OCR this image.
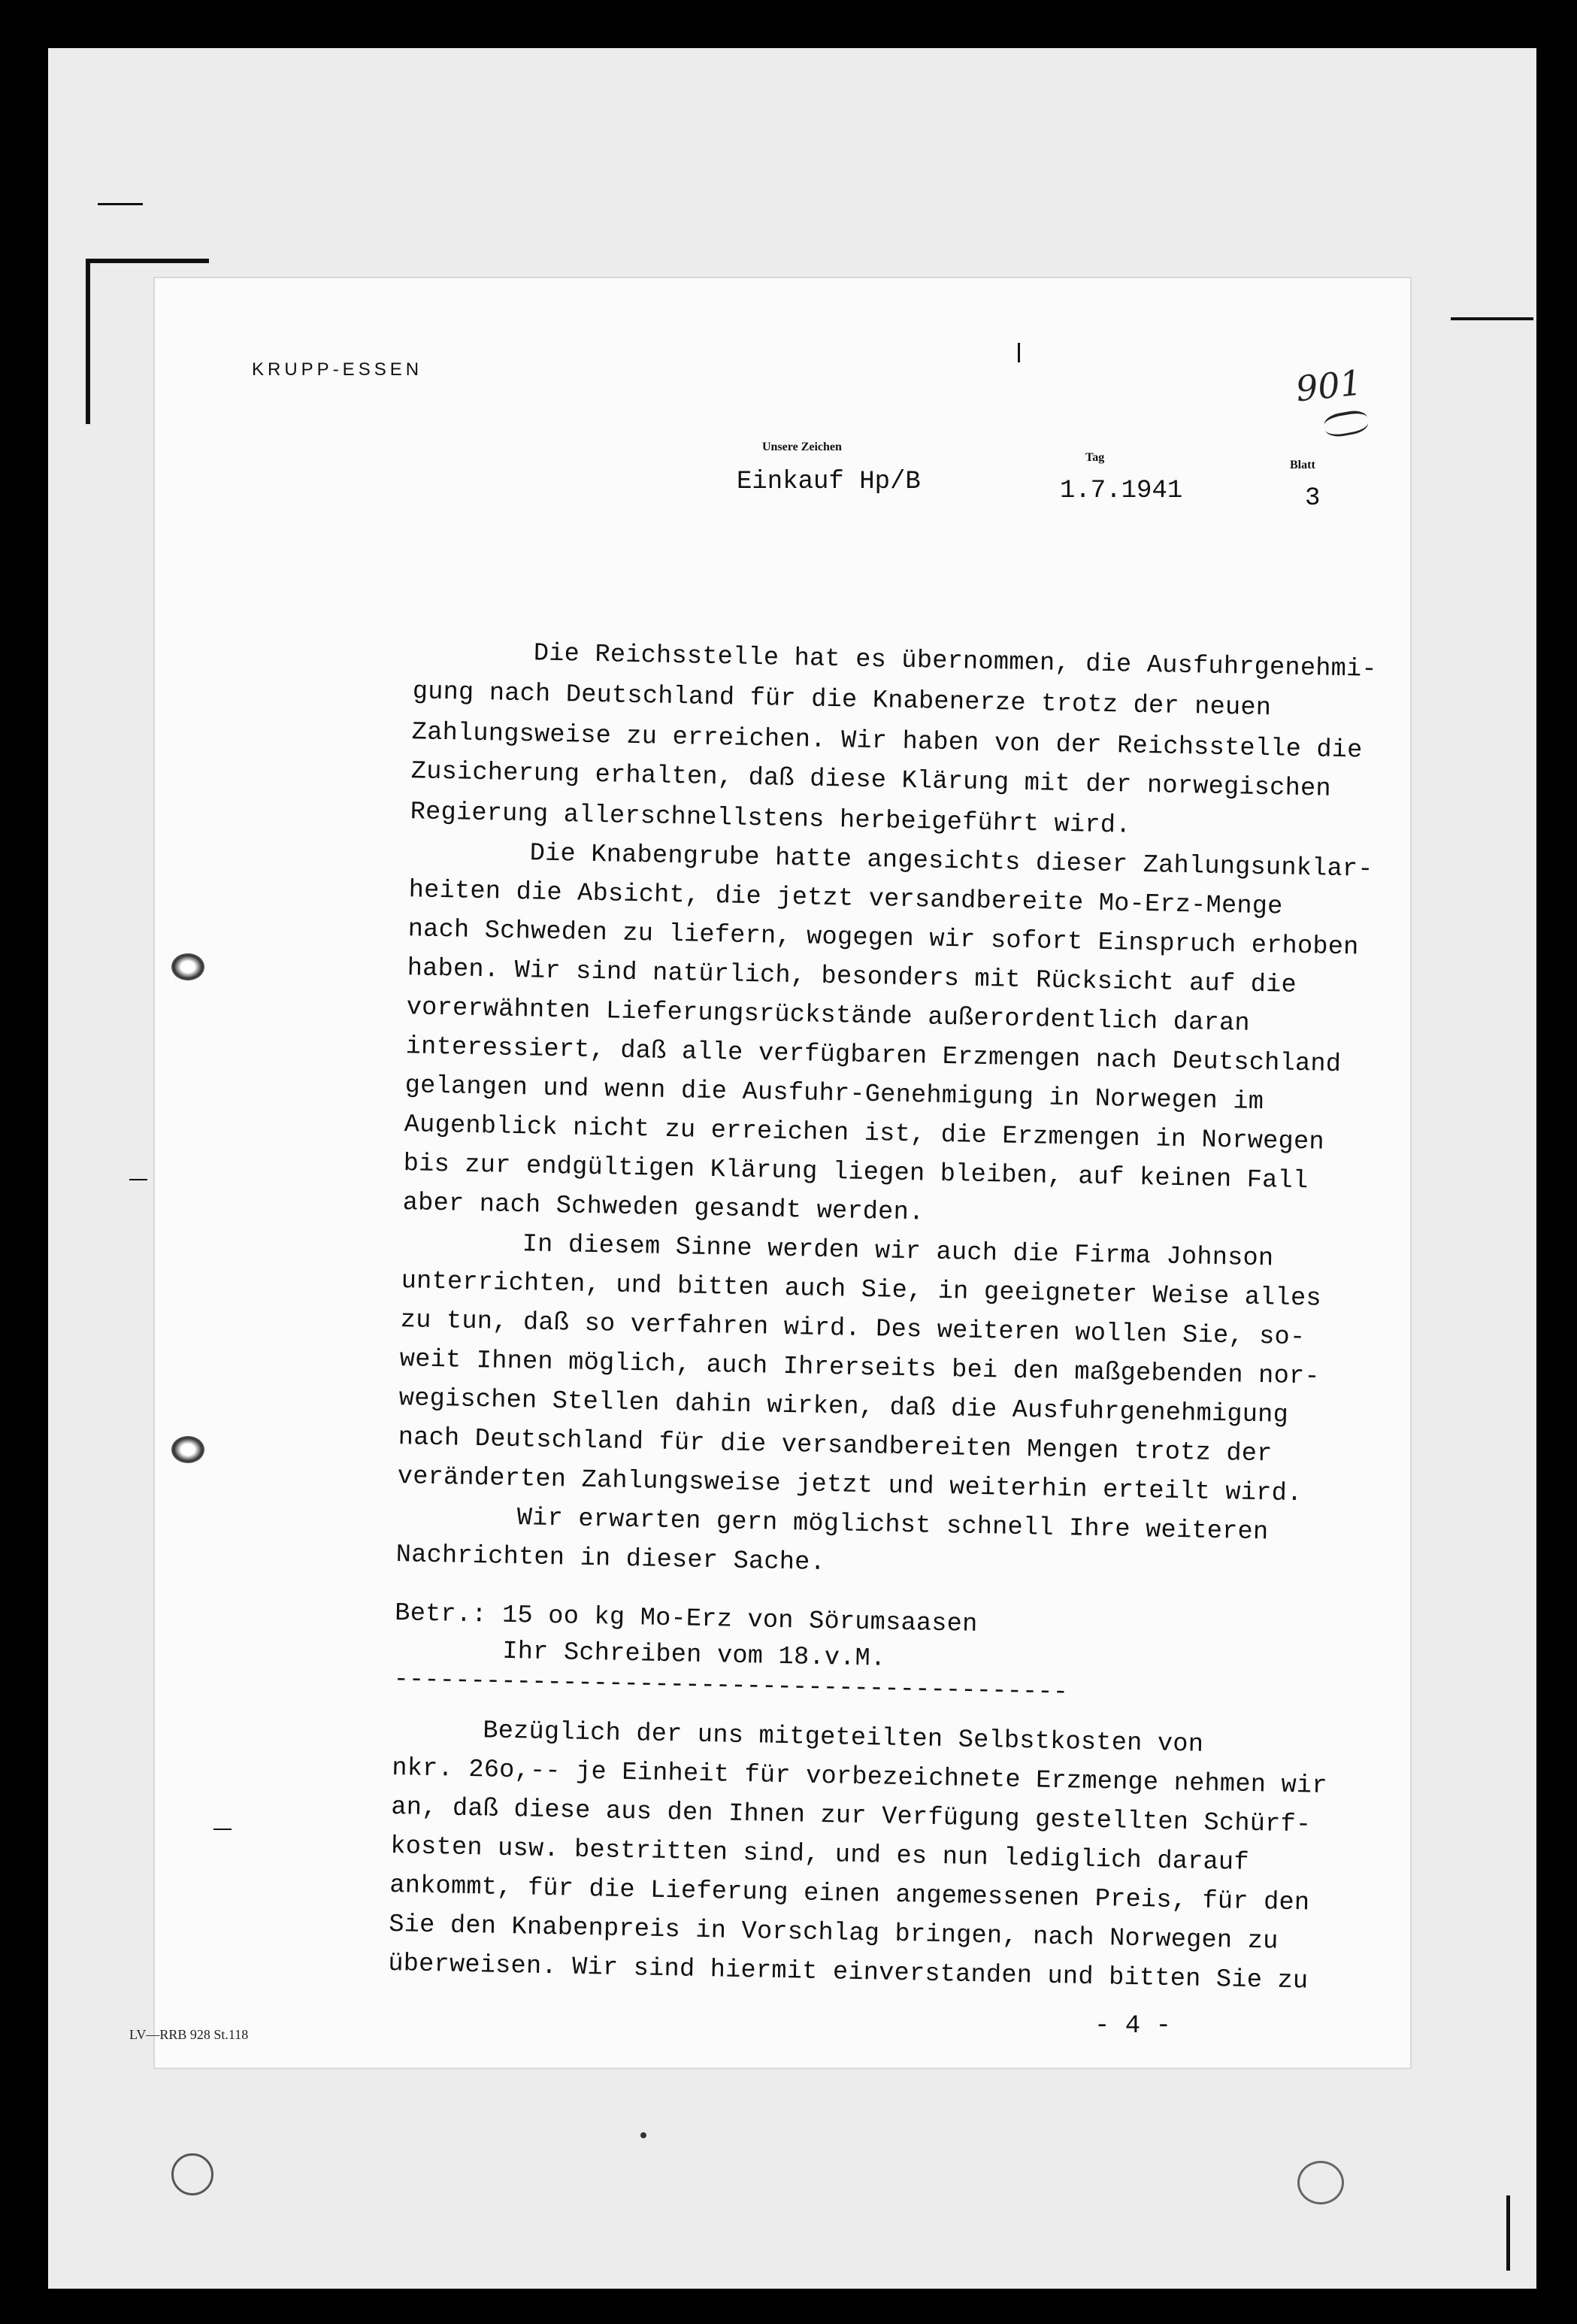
KRUPP-ESSEN
Unsere Zeichen
Einkauf Hp/B
Tag
1.7.1941
Blatt
3
901
Die Reichsstelle hat es übernommen, die Ausfuhrgenehmi-
gung nach Deutschland für die Knabenerze trotz der neuen
Zahlungsweise zu erreichen. Wir haben von der Reichsstelle die
Zusicherung erhalten, daß diese Klärung mit der norwegischen
Regierung allerschnellstens herbeigeführt wird.
Die Knabengrube hatte angesichts dieser Zahlungsunklar-
heiten die Absicht, die jetzt versandbereite Mo-Erz-Menge
nach Schweden zu liefern, wogegen wir sofort Einspruch erhoben
haben. Wir sind natürlich, besonders mit Rücksicht auf die
vorerwähnten Lieferungsrückstände außerordentlich daran
interessiert, daß alle verfügbaren Erzmengen nach Deutschland
gelangen und wenn die Ausfuhr-Genehmigung in Norwegen im
Augenblick nicht zu erreichen ist, die Erzmengen in Norwegen
bis zur endgültigen Klärung liegen bleiben, auf keinen Fall
aber nach Schweden gesandt werden.
In diesem Sinne werden wir auch die Firma Johnson
unterrichten, und bitten auch Sie, in geeigneter Weise alles
zu tun, daß so verfahren wird. Des weiteren wollen Sie, so-
weit Ihnen möglich, auch Ihrerseits bei den maßgebenden nor-
wegischen Stellen dahin wirken, daß die Ausfuhrgenehmigung
nach Deutschland für die versandbereiten Mengen trotz der
veränderten Zahlungsweise jetzt und weiterhin erteilt wird.
Wir erwarten gern möglichst schnell Ihre weiteren
Nachrichten in dieser Sache.
Betr.: 15 oo kg Mo-Erz von Sörumsaasen
Ihr Schreiben vom 18.v.M.
--------------------------------------------
Bezüglich der uns mitgeteilten Selbstkosten von
nkr. 26o,-- je Einheit für vorbezeichnete Erzmenge nehmen wir
an, daß diese aus den Ihnen zur Verfügung gestellten Schürf-
kosten usw. bestritten sind, und es nun lediglich darauf
ankommt, für die Lieferung einen angemessenen Preis, für den
Sie den Knabenpreis in Vorschlag bringen, nach Norwegen zu
überweisen. Wir sind hiermit einverstanden und bitten Sie zu
LV—RRB 928 St.118	- 4 -
